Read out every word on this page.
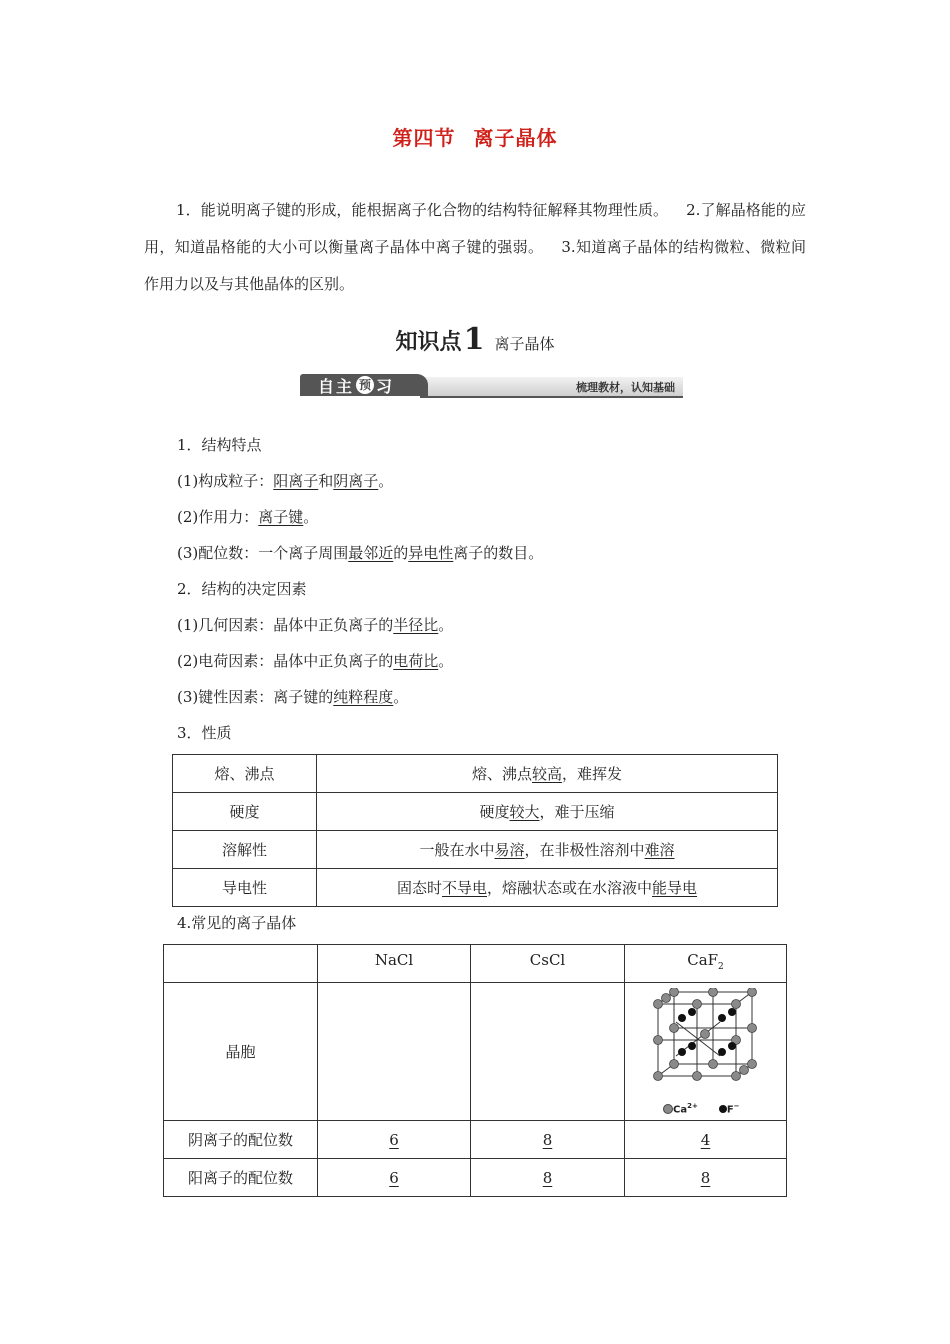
第四节 离子晶体
1．能说明离子键的形成，能根据离子化合物的结构特征解释其物理性质。 2.了解晶格能的应用，知道晶格能的大小可以衡量离子晶体中离子键的强弱。 3.知道离子晶体的结构微粒、微粒间作用力以及与其他晶体的区别。
知识点1 离子晶体
梳理教材，认知基础
自 主 预 习
1．结构特点
(1)构成粒子：阳离子和阴离子。
(2)作用力：离子键。
(3)配位数：一个离子周围最邻近的异电性离子的数目。
2．结构的决定因素
(1)几何因素：晶体中正负离子的半径比。
(2)电荷因素：晶体中正负离子的电荷比。
(3)键性因素：离子键的纯粹程度。
3．性质
熔、沸点	熔、沸点较高，难挥发
硬度	硬度较大，难于压缩
溶解性	一般在水中易溶，在非极性溶剂中难溶
导电性	固态时不导电，熔融状态或在水溶液中能导电
4.常见的离子晶体
	NaCl	CsCl	CaF$_2$
晶胞			$Ca^{2+}$ F−

阴离子的配位数	6	8	4
阳离子的配位数	6	8	8
